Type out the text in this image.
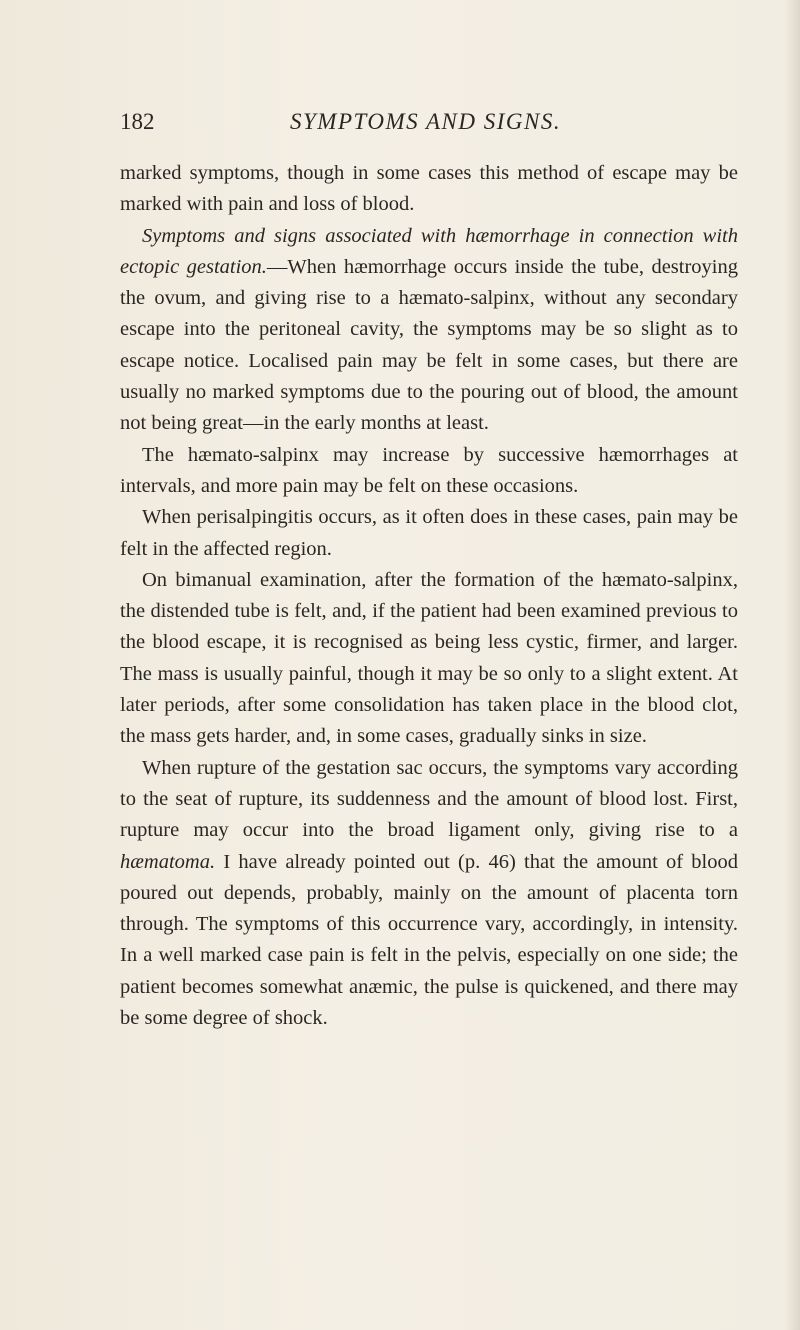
182	SYMPTOMS AND SIGNS.

marked symptoms, though in some cases this method of escape may be marked with pain and loss of blood.

Symptoms and signs associated with hæmorrhage in connection with ectopic gestation.—When hæmorrhage occurs inside the tube, destroying the ovum, and giving rise to a hæmato-salpinx, without any secondary escape into the peritoneal cavity, the symptoms may be so slight as to escape notice. Localised pain may be felt in some cases, but there are usually no marked symptoms due to the pouring out of blood, the amount not being great—in the early months at least.

The hæmato-salpinx may increase by successive hæmorrhages at intervals, and more pain may be felt on these occasions.

When perisalpingitis occurs, as it often does in these cases, pain may be felt in the affected region.

On bimanual examination, after the formation of the hæmato-salpinx, the distended tube is felt, and, if the patient had been examined previous to the blood escape, it is recognised as being less cystic, firmer, and larger. The mass is usually painful, though it may be so only to a slight extent. At later periods, after some consolidation has taken place in the blood clot, the mass gets harder, and, in some cases, gradually sinks in size.

When rupture of the gestation sac occurs, the symptoms vary according to the seat of rupture, its suddenness and the amount of blood lost. First, rupture may occur into the broad ligament only, giving rise to a hæmatoma. I have already pointed out (p. 46) that the amount of blood poured out depends, probably, mainly on the amount of placenta torn through. The symptoms of this occurrence vary, accordingly, in intensity. In a well marked case pain is felt in the pelvis, especially on one side; the patient becomes somewhat anæmic, the pulse is quickened, and there may be some degree of shock.
